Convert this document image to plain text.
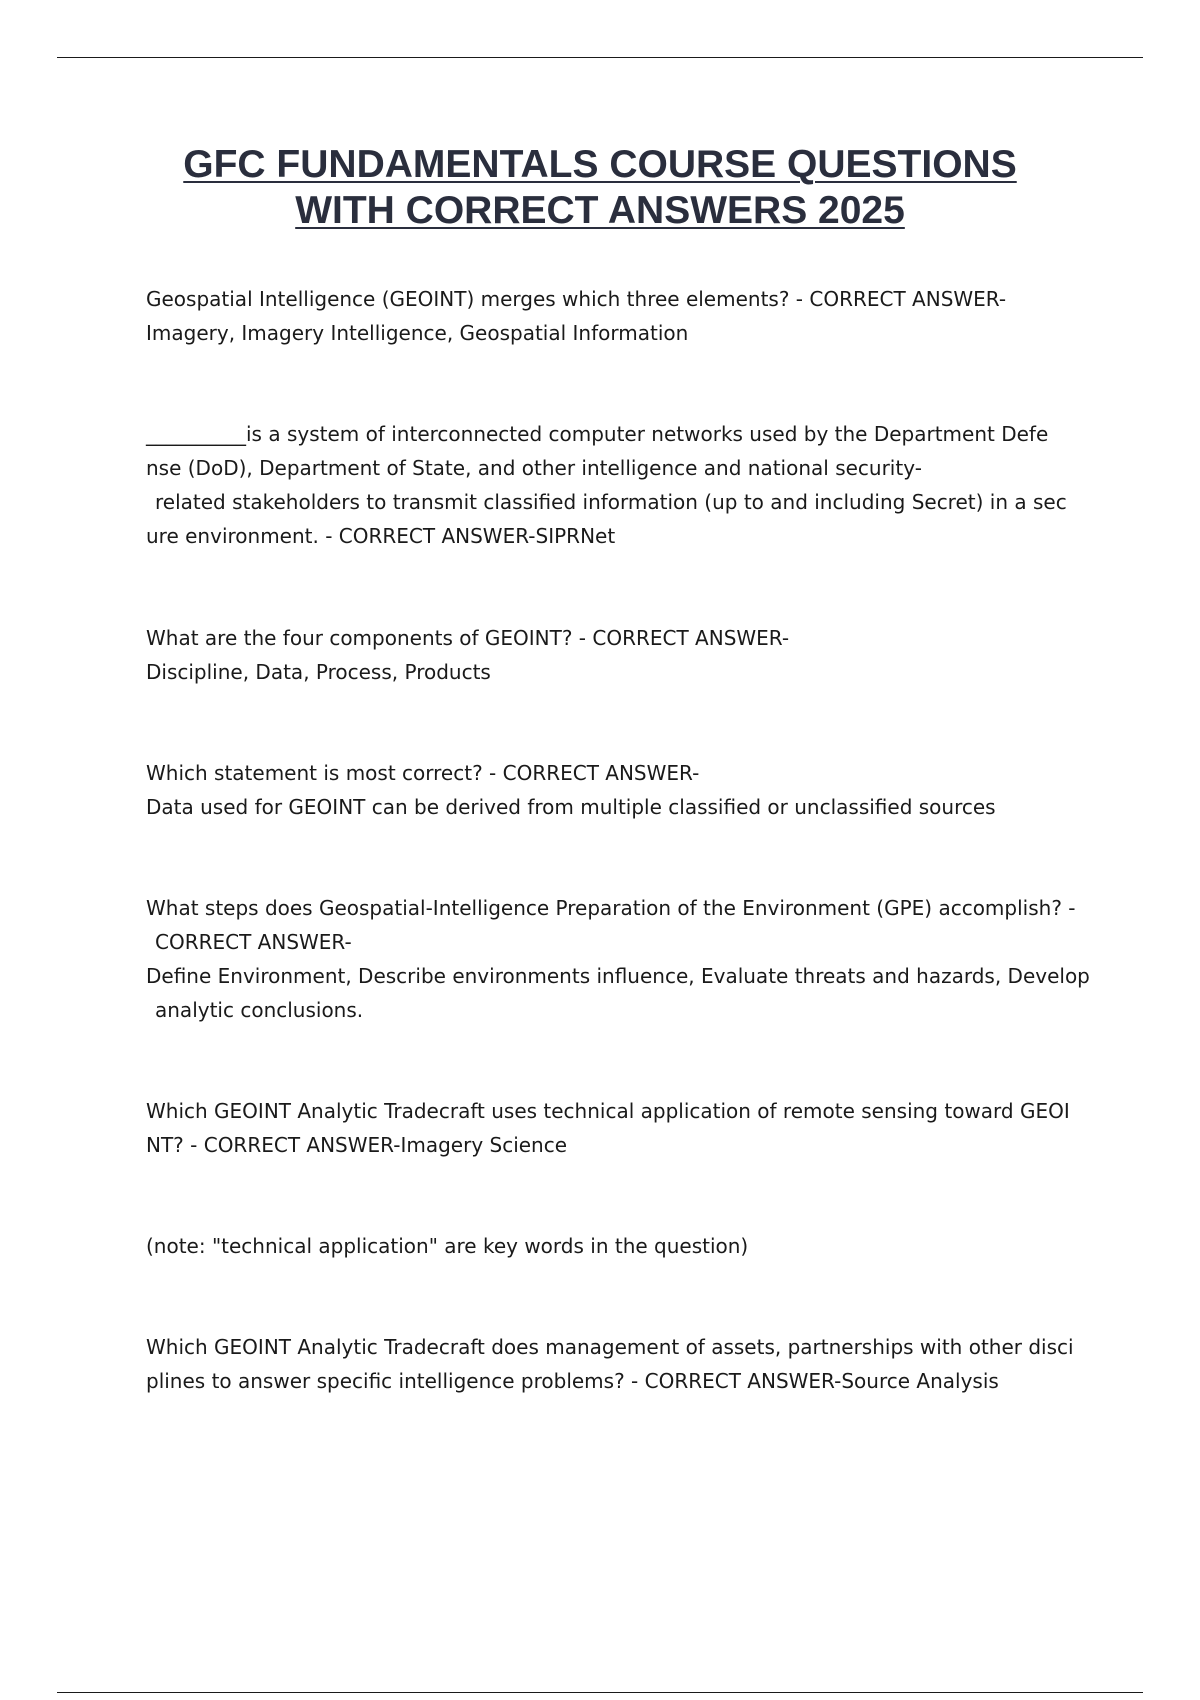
GFC FUNDAMENTALS COURSE QUESTIONS
WITH CORRECT ANSWERS 2025

Geospatial Intelligence (GEOINT) merges which three elements? - CORRECT ANSWER-
Imagery, Imagery Intelligence, Geospatial Information

__________is a system of interconnected computer networks used by the Department Defe
nse (DoD), Department of State, and other intelligence and national security-
related stakeholders to transmit classified information (up to and including Secret) in a sec
ure environment. - CORRECT ANSWER-SIPRNet

What are the four components of GEOINT? - CORRECT ANSWER-
Discipline, Data, Process, Products

Which statement is most correct? - CORRECT ANSWER-
Data used for GEOINT can be derived from multiple classified or unclassified sources

What steps does Geospatial-Intelligence Preparation of the Environment (GPE) accomplish? -
CORRECT ANSWER-
Define Environment, Describe environments influence, Evaluate threats and hazards, Develop
analytic conclusions.

Which GEOINT Analytic Tradecraft uses technical application of remote sensing toward GEOI
NT? - CORRECT ANSWER-Imagery Science

(note: "technical application" are key words in the question)

Which GEOINT Analytic Tradecraft does management of assets, partnerships with other disci
plines to answer specific intelligence problems? - CORRECT ANSWER-Source Analysis
